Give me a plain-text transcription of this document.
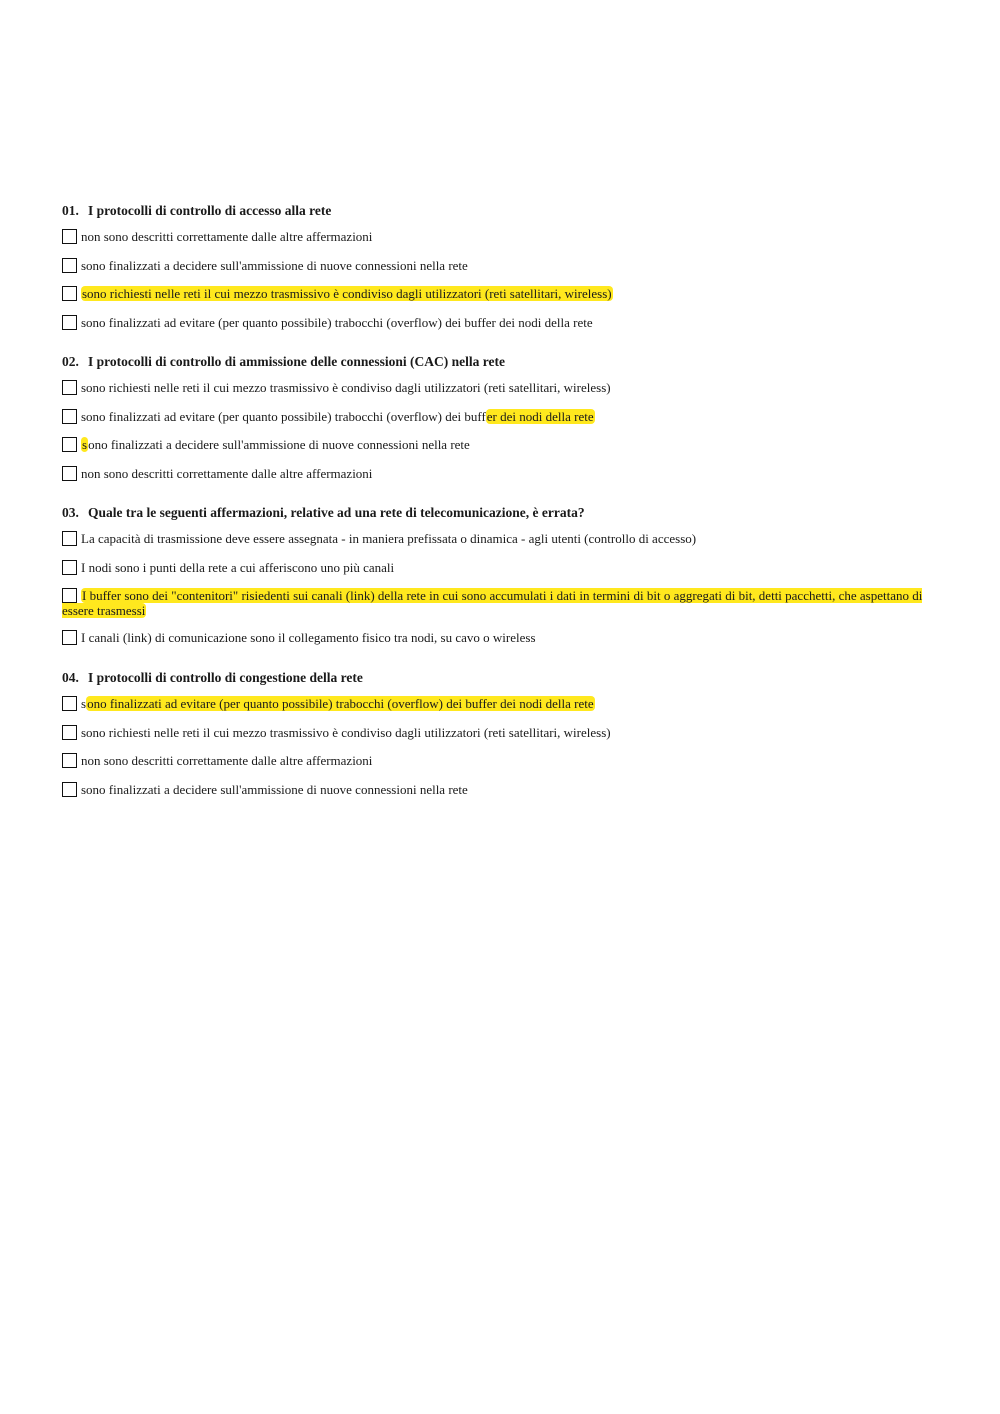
01. I protocolli di controllo di accesso alla rete
non sono descritti correttamente dalle altre affermazioni
sono finalizzati a decidere sull'ammissione di nuove connessioni nella rete
sono richiesti nelle reti il cui mezzo trasmissivo è condiviso dagli utilizzatori (reti satellitari, wireless)
sono finalizzati ad evitare (per quanto possibile) trabocchi (overflow) dei buffer dei nodi della rete
02. I protocolli di controllo di ammissione delle connessioni (CAC) nella rete
sono richiesti nelle reti il cui mezzo trasmissivo è condiviso dagli utilizzatori (reti satellitari, wireless)
sono finalizzati ad evitare (per quanto possibile) trabocchi (overflow) dei buffer dei nodi della rete
sono finalizzati a decidere sull'ammissione di nuove connessioni nella rete
non sono descritti correttamente dalle altre affermazioni
03. Quale tra le seguenti affermazioni, relative ad una rete di telecomunicazione, è errata?
La capacità di trasmissione deve essere assegnata - in maniera prefissata o dinamica - agli utenti (controllo di accesso)
I nodi sono i punti della rete a cui afferiscono uno più canali
I buffer sono dei "contenitori" risiedenti sui canali (link) della rete in cui sono accumulati i dati in termini di bit o aggregati di bit, detti pacchetti, che aspettano di essere trasmessi
I canali (link) di comunicazione sono il collegamento fisico tra nodi, su cavo o wireless
04. I protocolli di controllo di congestione della rete
sono finalizzati ad evitare (per quanto possibile) trabocchi (overflow) dei buffer dei nodi della rete
sono richiesti nelle reti il cui mezzo trasmissivo è condiviso dagli utilizzatori (reti satellitari, wireless)
non sono descritti correttamente dalle altre affermazioni
sono finalizzati a decidere sull'ammissione di nuove connessioni nella rete
